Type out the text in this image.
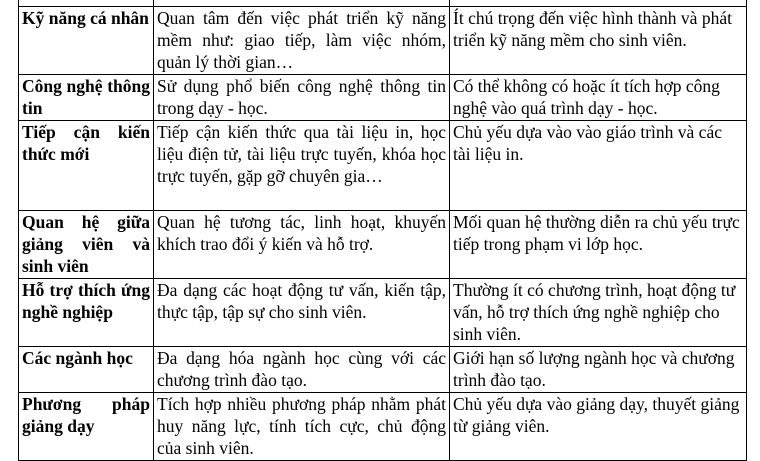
Kỹ năng cá nhân	Quan tâm đến việc phát triển kỹ năng mềm như: giao tiếp, làm việc nhóm, quản lý thời gian…	Ít chú trọng đến việc hình thành và phát triển kỹ năng mềm cho sinh viên.
Công nghệ thông tin	Sử dụng phổ biến công nghệ thông tin trong dạy - học.	Có thể không có hoặc ít tích hợp công nghệ vào quá trình dạy - học.
Tiếp cận kiến thức mới	Tiếp cận kiến thức qua tài liệu in, học liệu điện tử, tài liệu trực tuyến, khóa học trực tuyến, gặp gỡ chuyên gia…	Chủ yếu dựa vào vào giáo trình và các tài liệu in.
Quan hệ giữa giảng viên và sinh viên	Quan hệ tương tác, linh hoạt, khuyến khích trao đổi ý kiến và hỗ trợ.	Mối quan hệ thường diễn ra chủ yếu trực tiếp trong phạm vi lớp học.
Hỗ trợ thích ứng nghề nghiệp	Đa dạng các hoạt động tư vấn, kiến tập, thực tập, tập sự cho sinh viên.	Thường ít có chương trình, hoạt động tư vấn, hỗ trợ thích ứng nghề nghiệp cho sinh viên.
Các ngành học	Đa dạng hóa ngành học cùng với các chương trình đào tạo.	Giới hạn số lượng ngành học và chương trình đào tạo.
Phương pháp giảng dạy	Tích hợp nhiều phương pháp nhằm phát huy năng lực, tính tích cực, chủ động của sinh viên.	Chủ yếu dựa vào giảng dạy, thuyết giảng từ giảng viên.
